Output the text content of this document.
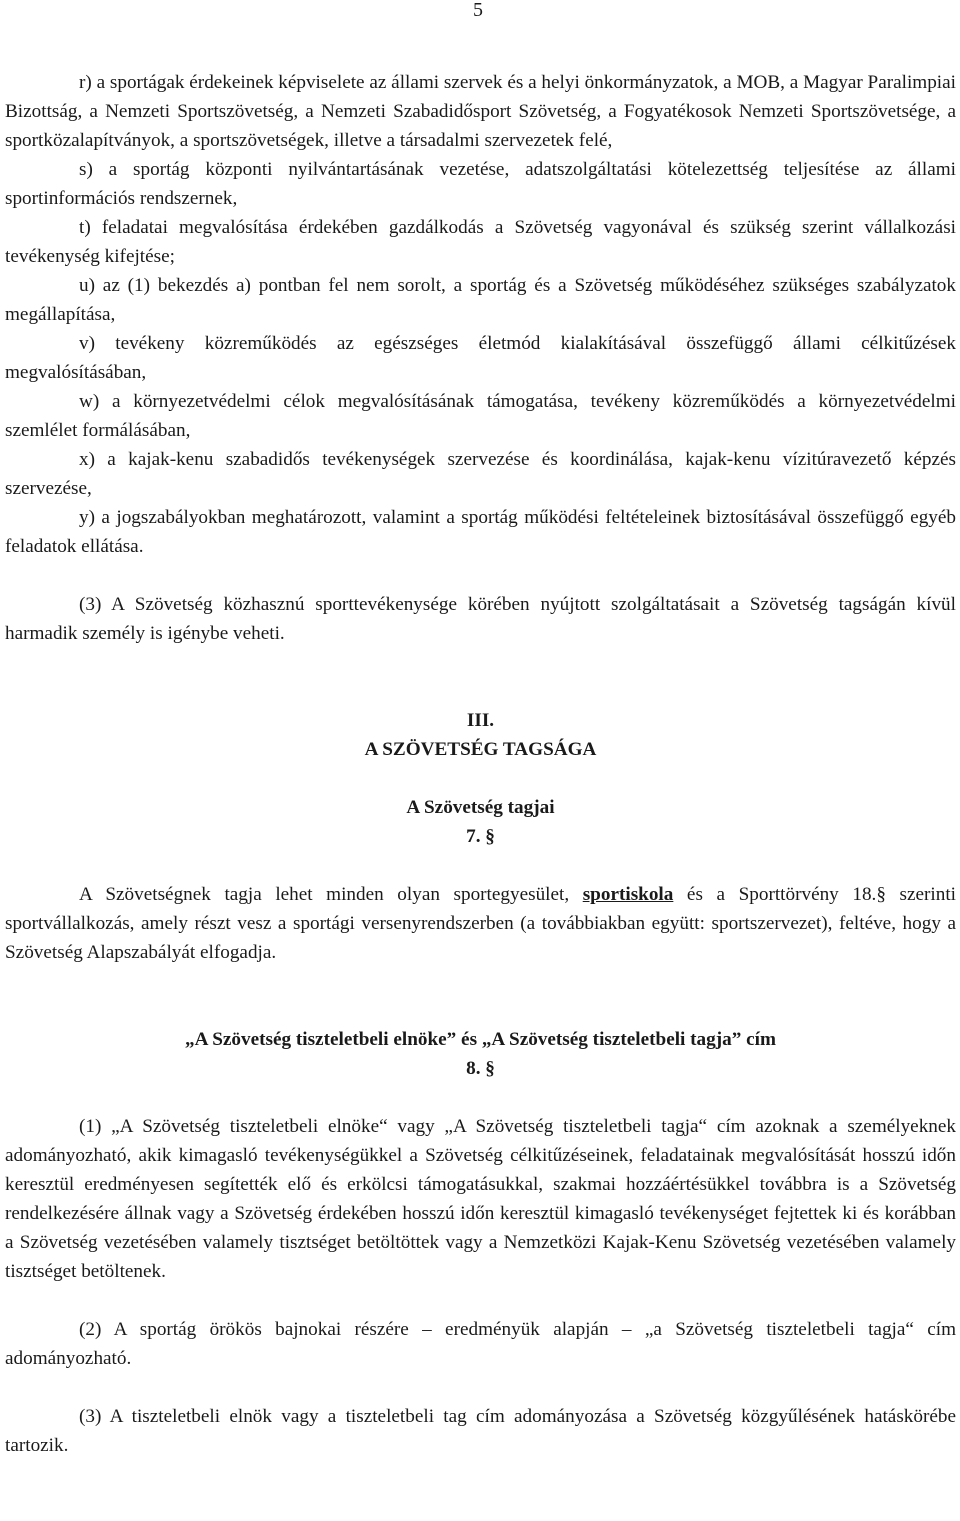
5

r) a sportágak érdekeinek képviselete az állami szervek és a helyi önkormányzatok, a MOB, a Magyar Paralimpiai Bizottság, a Nemzeti Sportszövetség, a Nemzeti Szabadidősport Szövetség, a Fogyatékosok Nemzeti Sportszövetsége, a sportközalapítványok, a sportszövetségek, illetve a társadalmi szervezetek felé,

s) a sportág központi nyilvántartásának vezetése, adatszolgáltatási kötelezettség teljesítése az állami sportinformációs rendszernek,

t) feladatai megvalósítása érdekében gazdálkodás a Szövetség vagyonával és szükség szerint vállalkozási tevékenység kifejtése;

u) az (1) bekezdés a) pontban fel nem sorolt, a sportág és a Szövetség működéséhez szükséges szabályzatok megállapítása,

v) tevékeny közreműködés az egészséges életmód kialakításával összefüggő állami célkitűzések megvalósításában,

w) a környezetvédelmi célok megvalósításának támogatása, tevékeny közreműködés a környezetvédelmi szemlélet formálásában,

x) a kajak-kenu szabadidős tevékenységek szervezése és koordinálása, kajak-kenu vízitúravezető képzés szervezése,

y) a jogszabályokban meghatározott, valamint a sportág működési feltételeinek biztosításával összefüggő egyéb feladatok ellátása.

(3) A Szövetség közhasznú sporttevékenysége körében nyújtott szolgáltatásait a Szövetség tagságán kívül harmadik személy is igénybe veheti.

III.

A SZÖVETSÉG TAGSÁGA

A Szövetség tagjai

7. §

A Szövetségnek tagja lehet minden olyan sportegyesület, sportiskola és a Sporttörvény 18.§ szerinti sportvállalkozás, amely részt vesz a sportági versenyrendszerben (a továbbiakban együtt: sportszervezet), feltéve, hogy a Szövetség Alapszabályát elfogadja.

„A Szövetség tiszteletbeli elnöke” és „A Szövetség tiszteletbeli tagja” cím

8. §

(1) „A Szövetség tiszteletbeli elnöke“ vagy „A Szövetség tiszteletbeli tagja“ cím azoknak a személyeknek adományozható, akik kimagasló tevékenységükkel a Szövetség célkitűzéseinek, feladatainak megvalósítását hosszú időn keresztül eredményesen segítették elő és erkölcsi támogatásukkal, szakmai hozzáértésükkel továbbra is a Szövetség rendelkezésére állnak vagy a Szövetség érdekében hosszú időn keresztül kimagasló tevékenységet fejtettek ki és korábban a Szövetség vezetésében valamely tisztséget betöltöttek vagy a Nemzetközi Kajak-Kenu Szövetség vezetésében valamely tisztséget betöltenek.

(2) A sportág örökös bajnokai részére – eredményük alapján – „a Szövetség tiszteletbeli tagja“ cím adományozható.

(3) A tiszteletbeli elnök vagy a tiszteletbeli tag cím adományozása a Szövetség közgyűlésének hatáskörébe tartozik.
